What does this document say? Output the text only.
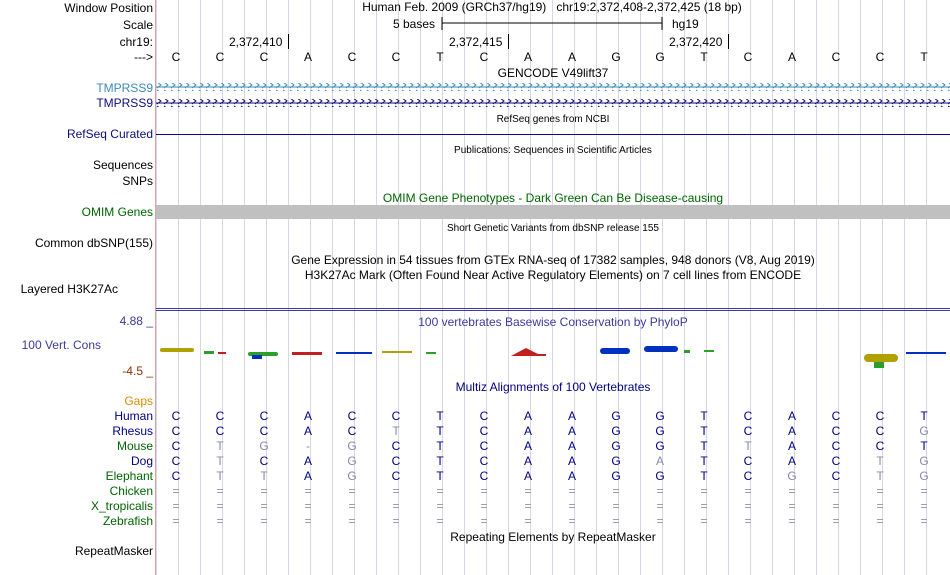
Window Position
Scale
chr19:
--->
TMPRSS9
TMPRSS9
RefSeq Curated
Sequences
SNPs
OMIM Genes
Common dbSNP(155)
Layered H3K27Ac
4.88 _
100 Vert. Cons
-4.5 _
Gaps
RepeatMasker
Human
Rhesus
Mouse
Dog
Elephant
Chicken
X_tropicalis
Zebrafish
Human Feb. 2009 (GRCh37/hg19) chr19:2,372,408-2,372,425 (18 bp)
5 bases	hg19
2,372,410	2,372,415	2,372,420
C	C	C	A	C	C	T	C	A	A	G	G	T	C	A	C	C	T
GENCODE V49lift37
RefSeq genes from NCBI
Publications: Sequences in Scientific Articles
OMIM Gene Phenotypes - Dark Green Can Be Disease-causing
Short Genetic Variants from dbSNP release 155
Gene Expression in 54 tissues from GTEx RNA-seq of 17382 samples, 948 donors (V8, Aug 2019)
H3K27Ac Mark (Often Found Near Active Regulatory Elements) on 7 cell lines from ENCODE
100 vertebrates Basewise Conservation by PhyloP
Multiz Alignments of 100 Vertebrates
C	C	C	A	C	C	T	C	A	A	G	G	T	C	A	C	C	T
C	C	C	A	C	T	T	C	A	A	G	G	T	C	A	C	C	G
C	T	G	-	G	C	T	C	A	A	G	G	T	T	A	C	C	T
C	T	C	A	G	C	T	C	A	A	G	A	T	C	A	C	T	G
C	T	T	A	G	C	T	C	A	A	G	G	T	C	G	C	T	G
=	=	=	=	=	=	=	=	=	=	=	=	=	=	=	=	=	=
=	=	=	=	=	=	=	=	=	=	=	=	=	=	=	=	=	=
=	=	=	=	=	=	=	=	=	=	=	=	=	=	=	=	=	=
Repeating Elements by RepeatMasker
